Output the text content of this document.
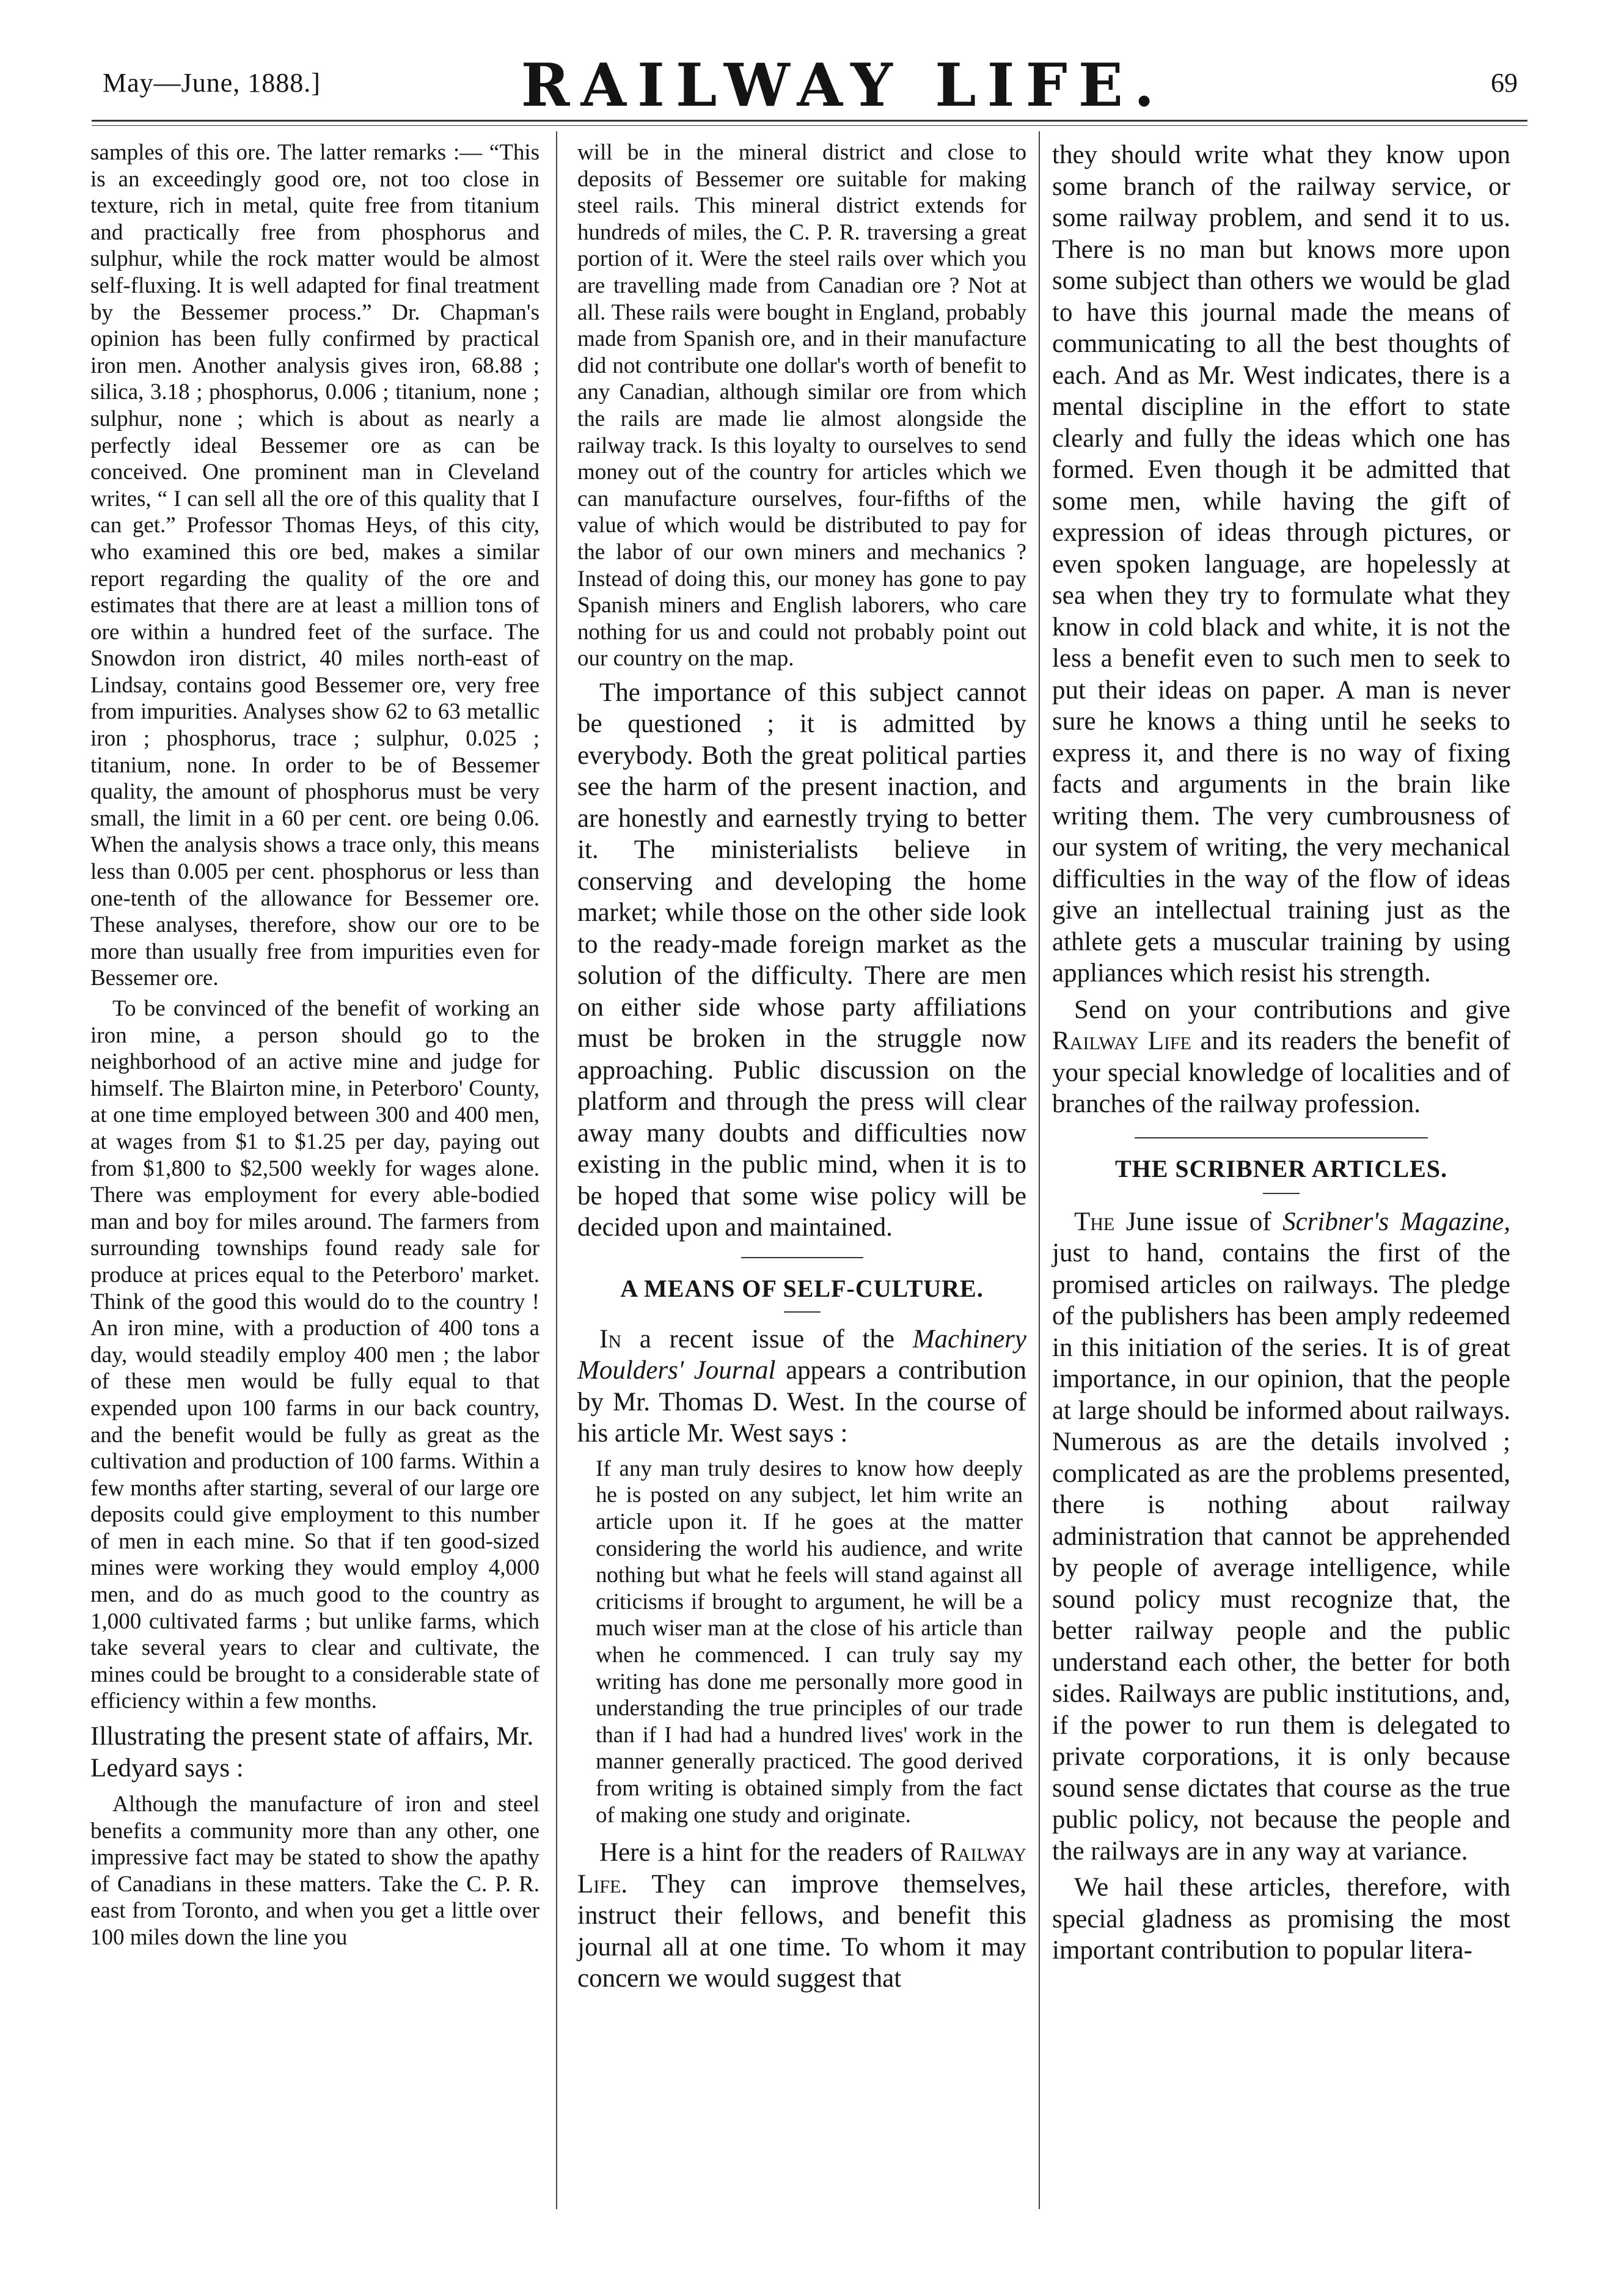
May—June, 1888.]	RAILWAY LIFE.	69

samples of this ore. The latter remarks :— “This is an exceedingly good ore, not too close in texture, rich in metal, quite free from titanium and practically free from phosphorus and sulphur, while the rock matter would be almost self-fluxing. It is well adapted for final treatment by the Bessemer process.” Dr. Chapman's opinion has been fully confirmed by practical iron men. Another analysis gives iron, 68.88 ; silica, 3.18 ; phosphorus, 0.006 ; titanium, none ; sulphur, none ; which is about as nearly a perfectly ideal Bessemer ore as can be conceived. One prominent man in Cleveland writes, “ I can sell all the ore of this quality that I can get.” Professor Thomas Heys, of this city, who examined this ore bed, makes a similar report regarding the quality of the ore and estimates that there are at least a million tons of ore within a hundred feet of the surface. The Snowdon iron district, 40 miles north-east of Lindsay, contains good Bessemer ore, very free from impurities. Analyses show 62 to 63 metallic iron ; phosphorus, trace ; sulphur, 0.025 ; titanium, none. In order to be of Bessemer quality, the amount of phosphorus must be very small, the limit in a 60 per cent. ore being 0.06. When the analysis shows a trace only, this means less than 0.005 per cent. phosphorus or less than one-tenth of the allowance for Bessemer ore. These analyses, therefore, show our ore to be more than usually free from impurities even for Bessemer ore.

To be convinced of the benefit of working an iron mine, a person should go to the neighborhood of an active mine and judge for himself. The Blairton mine, in Peterboro' County, at one time employed between 300 and 400 men, at wages from $1 to $1.25 per day, paying out from $1,800 to $2,500 weekly for wages alone. There was employment for every able-bodied man and boy for miles around. The farmers from surrounding townships found ready sale for produce at prices equal to the Peterboro' market. Think of the good this would do to the country ! An iron mine, with a production of 400 tons a day, would steadily employ 400 men ; the labor of these men would be fully equal to that expended upon 100 farms in our back country, and the benefit would be fully as great as the cultivation and production of 100 farms. Within a few months after starting, several of our large ore deposits could give employment to this number of men in each mine. So that if ten good-sized mines were working they would employ 4,000 men, and do as much good to the country as 1,000 cultivated farms ; but unlike farms, which take several years to clear and cultivate, the mines could be brought to a considerable state of efficiency within a few months.

Illustrating the present state of affairs, Mr. Ledyard says :

Although the manufacture of iron and steel benefits a community more than any other, one impressive fact may be stated to show the apathy of Canadians in these matters. Take the C. P. R. east from Toronto, and when you get a little over 100 miles down the line you

will be in the mineral district and close to deposits of Bessemer ore suitable for making steel rails. This mineral district extends for hundreds of miles, the C. P. R. traversing a great portion of it. Were the steel rails over which you are travelling made from Canadian ore ? Not at all. These rails were bought in England, probably made from Spanish ore, and in their manufacture did not contribute one dollar's worth of benefit to any Canadian, although similar ore from which the rails are made lie almost alongside the railway track. Is this loyalty to ourselves to send money out of the country for articles which we can manufacture ourselves, four-fifths of the value of which would be distributed to pay for the labor of our own miners and mechanics ? Instead of doing this, our money has gone to pay Spanish miners and English laborers, who care nothing for us and could not probably point out our country on the map.

The importance of this subject cannot be questioned ; it is admitted by everybody. Both the great political parties see the harm of the present inaction, and are honestly and earnestly trying to better it. The ministerialists believe in conserving and developing the home market; while those on the other side look to the ready-made foreign market as the solution of the difficulty. There are men on either side whose party affiliations must be broken in the struggle now approaching. Public discussion on the platform and through the press will clear away many doubts and difficulties now existing in the public mind, when it is to be hoped that some wise policy will be decided upon and maintained.

A MEANS OF SELF-CULTURE.

In a recent issue of the Machinery Moulders' Journal appears a contribution by Mr. Thomas D. West. In the course of his article Mr. West says :

If any man truly desires to know how deeply he is posted on any subject, let him write an article upon it. If he goes at the matter considering the world his audience, and write nothing but what he feels will stand against all criticisms if brought to argument, he will be a much wiser man at the close of his article than when he commenced. I can truly say my writing has done me personally more good in understanding the true principles of our trade than if I had had a hundred lives' work in the manner generally practiced. The good derived from writing is obtained simply from the fact of making one study and originate.

Here is a hint for the readers of Railway Life. They can improve themselves, instruct their fellows, and benefit this journal all at one time. To whom it may concern we would suggest that

they should write what they know upon some branch of the railway service, or some railway problem, and send it to us. There is no man but knows more upon some subject than others we would be glad to have this journal made the means of communicating to all the best thoughts of each. And as Mr. West indicates, there is a mental discipline in the effort to state clearly and fully the ideas which one has formed. Even though it be admitted that some men, while having the gift of expression of ideas through pictures, or even spoken language, are hopelessly at sea when they try to formulate what they know in cold black and white, it is not the less a benefit even to such men to seek to put their ideas on paper. A man is never sure he knows a thing until he seeks to express it, and there is no way of fixing facts and arguments in the brain like writing them. The very cumbrousness of our system of writing, the very mechanical difficulties in the way of the flow of ideas give an intellectual training just as the athlete gets a muscular training by using appliances which resist his strength.

Send on your contributions and give Railway Life and its readers the benefit of your special knowledge of localities and of branches of the railway profession.

THE SCRIBNER ARTICLES.

The June issue of Scribner's Magazine, just to hand, contains the first of the promised articles on railways. The pledge of the publishers has been amply redeemed in this initiation of the series. It is of great importance, in our opinion, that the people at large should be informed about railways. Numerous as are the details involved ; complicated as are the problems presented, there is nothing about railway administration that cannot be apprehended by people of average intelligence, while sound policy must recognize that, the better railway people and the public understand each other, the better for both sides. Railways are public institutions, and, if the power to run them is delegated to private corporations, it is only because sound sense dictates that course as the true public policy, not because the people and the railways are in any way at variance.

We hail these articles, therefore, with special gladness as promising the most important contribution to popular litera-
